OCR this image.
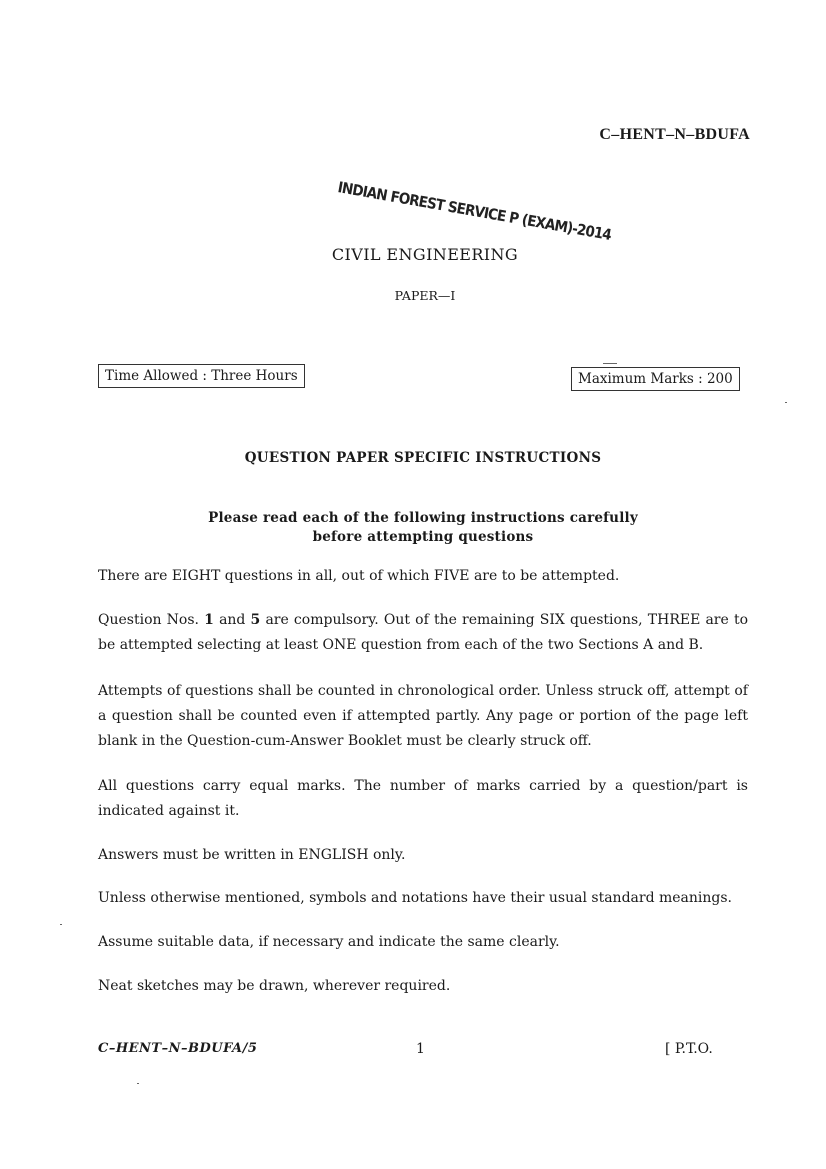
C–HENT–N–BDUFA
INDIAN FOREST SERVICE P (EXAM)-2014
CIVIL ENGINEERING
PAPER—I
Time Allowed : Three Hours	Maximum Marks : 200
QUESTION PAPER SPECIFIC INSTRUCTIONS
Please read each of the following instructions carefully
before attempting questions
There are EIGHT questions in all, out of which FIVE are to be attempted.
Question Nos. 1 and 5 are compulsory. Out of the remaining SIX questions, THREE are to be attempted selecting at least ONE question from each of the two Sections A and B.
Attempts of questions shall be counted in chronological order. Unless struck off, attempt of a question shall be counted even if attempted partly. Any page or portion of the page left blank in the Question-cum-Answer Booklet must be clearly struck off.
All questions carry equal marks. The number of marks carried by a question/part is indicated against it.
Answers must be written in ENGLISH only.
Unless otherwise mentioned, symbols and notations have their usual standard meanings.
Assume suitable data, if necessary and indicate the same clearly.
Neat sketches may be drawn, wherever required.
C–HENT–N–BDUFA/5	1	[ P.T.O.
